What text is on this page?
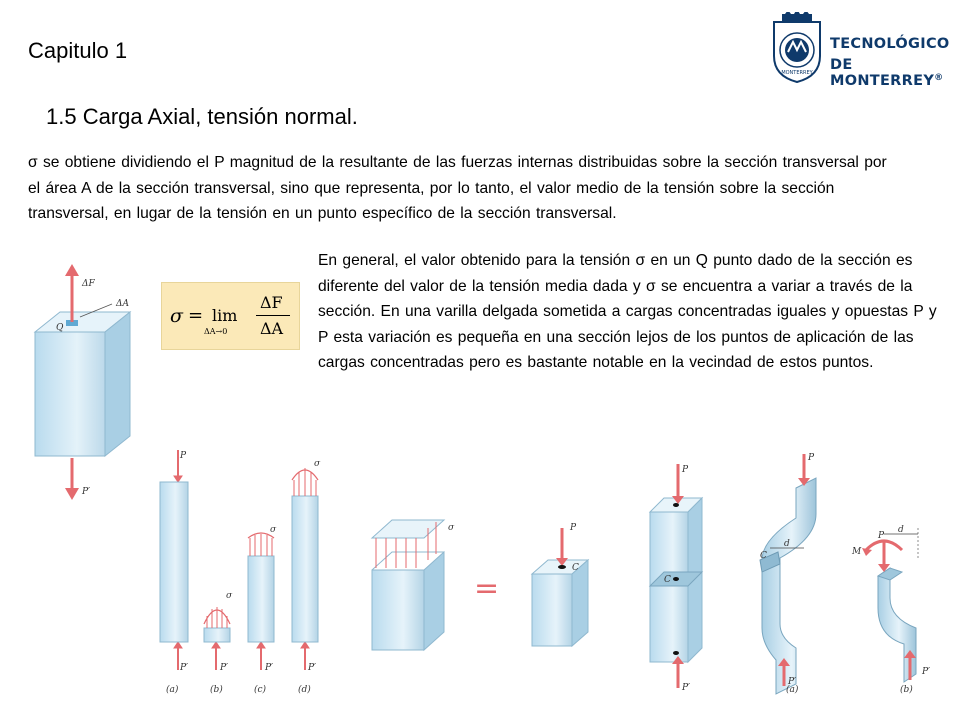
Capitulo 1
1.5 Carga Axial, tensión normal.
MONTERREY
TECNOLÓGICO
DE MONTERREY®
σ se obtiene dividiendo el P magnitud de la resultante de las fuerzas internas distribuidas sobre la sección transversal por el área A de la sección transversal, sino que representa, por lo tanto, el valor medio de la tensión sobre la sección transversal, en lugar de la tensión en un punto específico de la sección transversal.
En general, el valor obtenido para la tensión σ en un Q punto dado de la sección es diferente del valor de la tensión media dada y σ se encuentra a variar a través de la sección. En una varilla delgada sometida a cargas concentradas iguales y opuestas P y P esta variación es pequeña en una sección lejos de los puntos de aplicación de las cargas concentradas pero es bastante notable en la vecindad de estos puntos.
σ = lim
ΔA→0
ΔF
ΔA
ΔF
ΔA
Q
P′
P
P′	P′	P′	P′
σ
σ
σ
(a)	(b)	(c)	(d)
σ
=
P
C
P
C
P′
d
C
P
P′
(a)
d
P
M
P′
(b)
